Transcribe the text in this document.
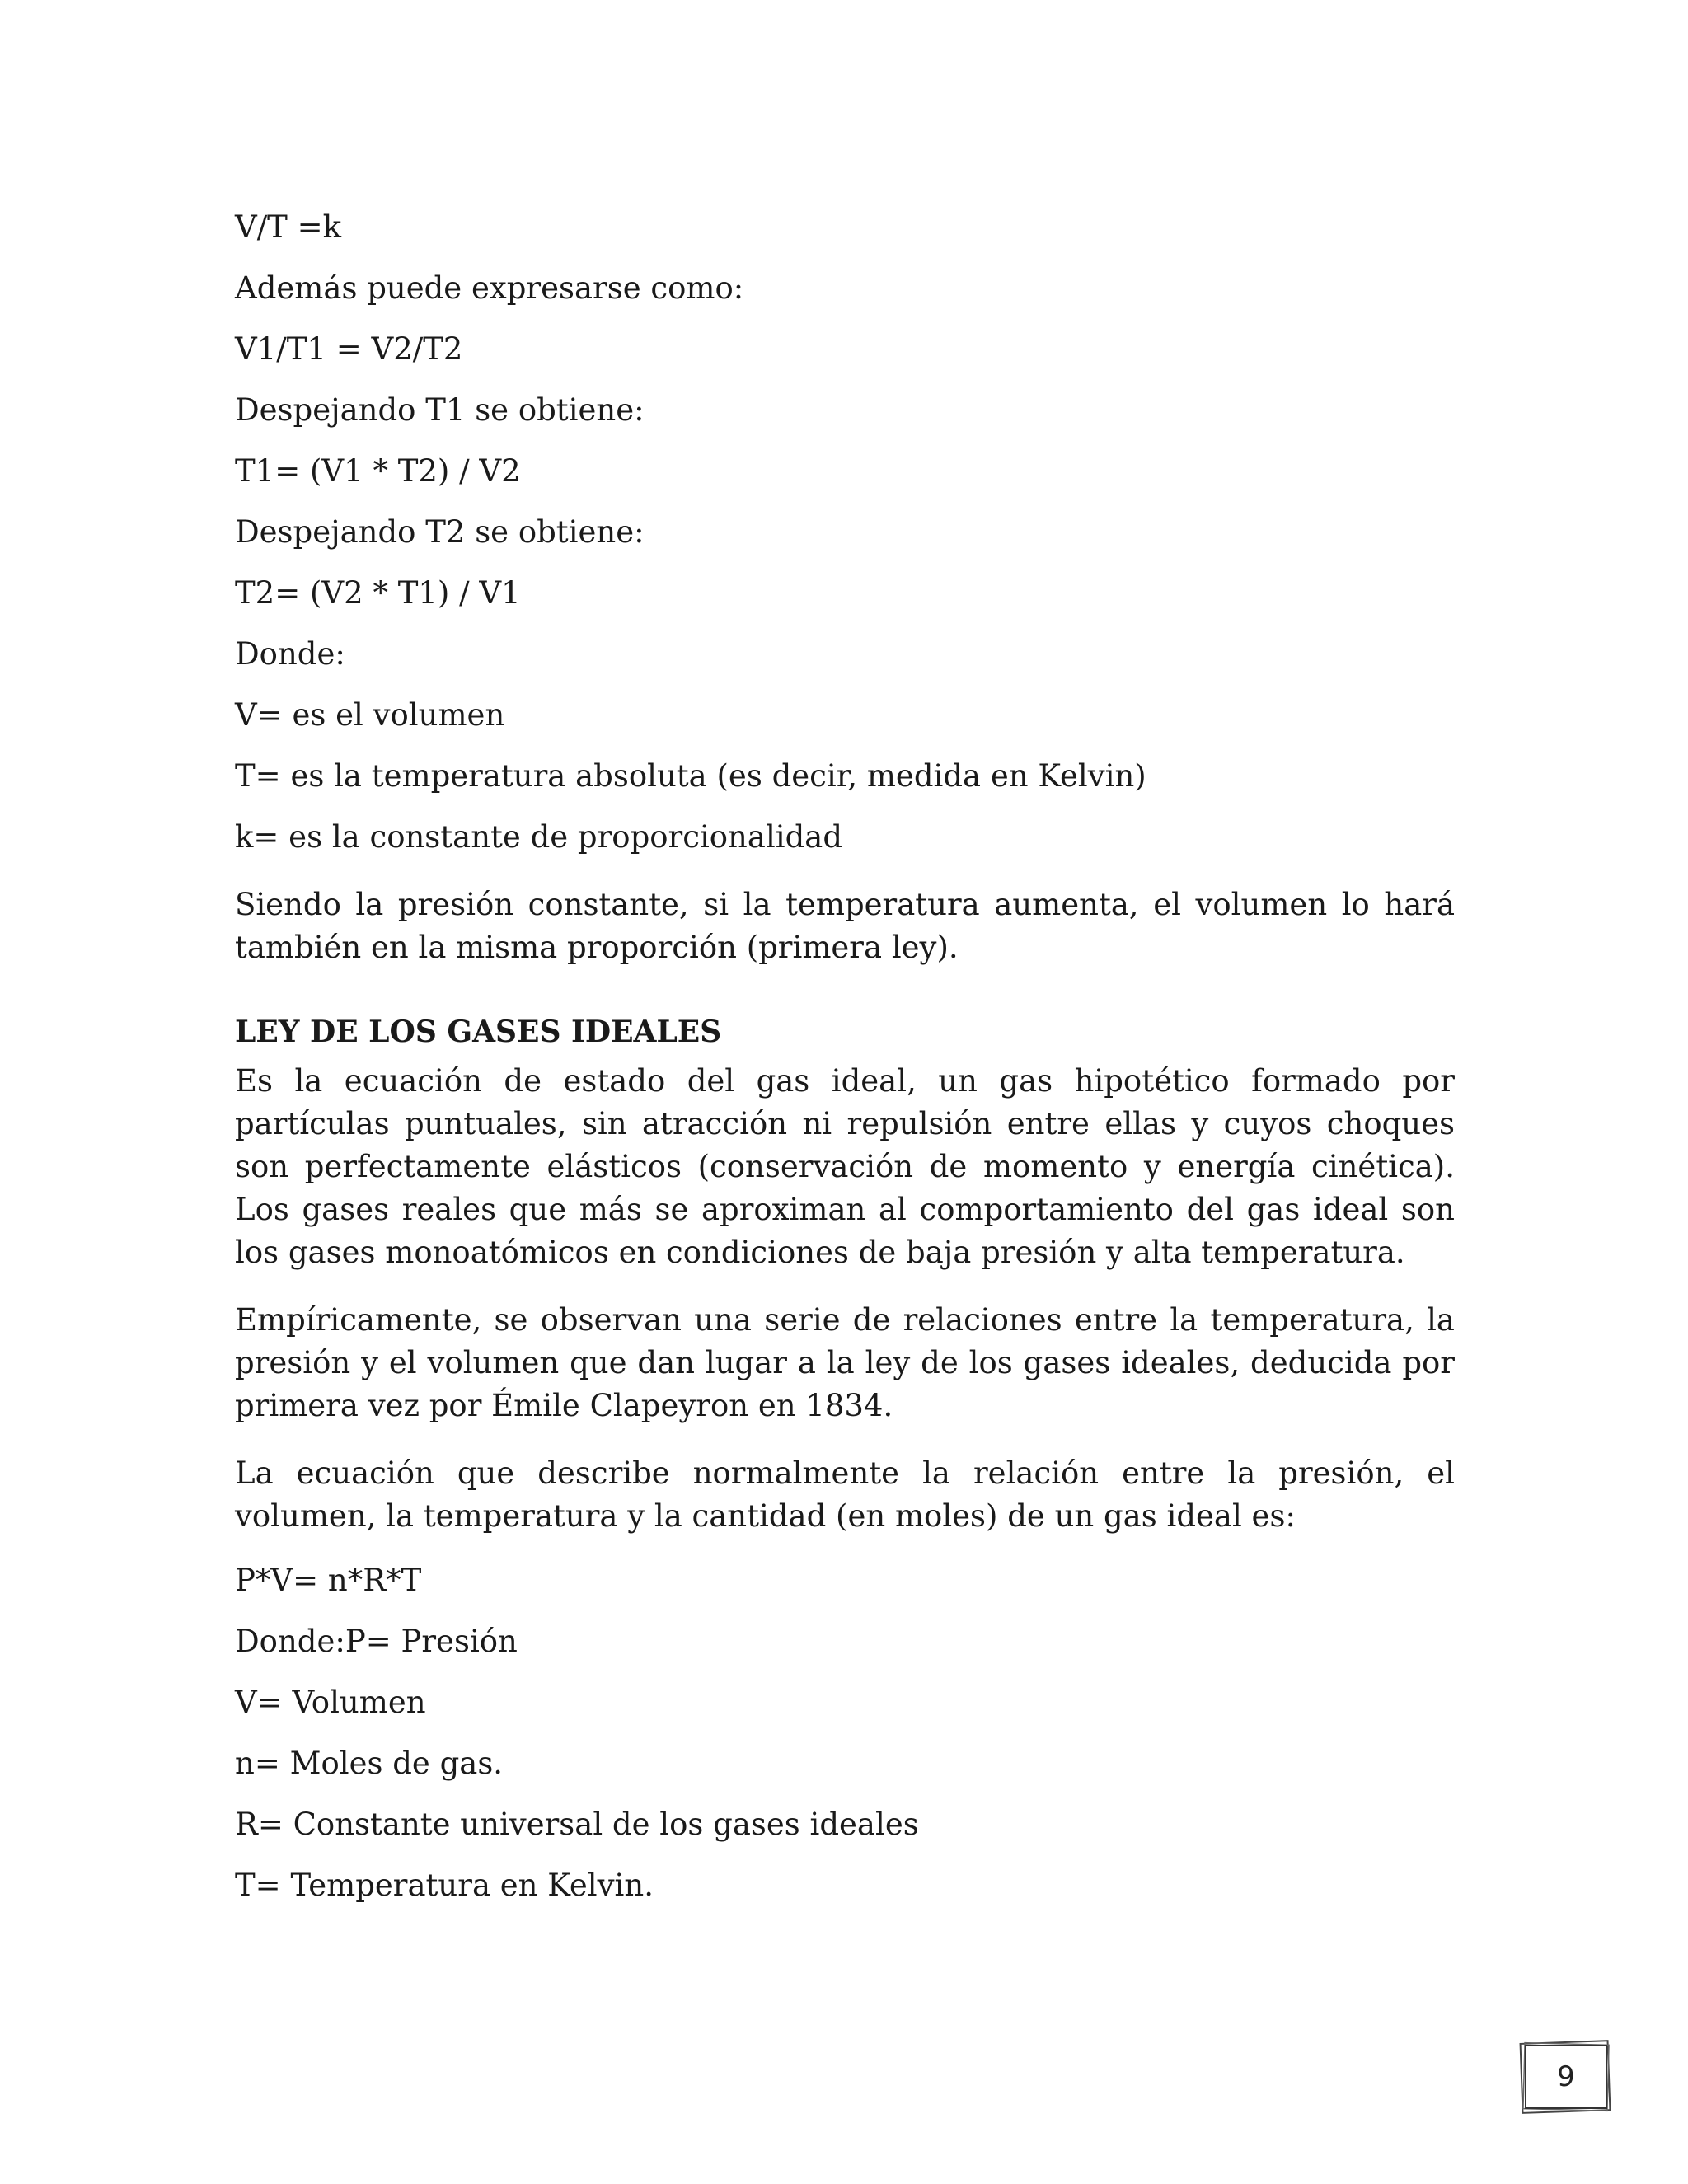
V/T =k

Además puede expresarse como:

V1/T1 = V2/T2

Despejando T1 se obtiene:

T1= (V1 * T2) / V2

Despejando T2 se obtiene:

T2= (V2 * T1) / V1

Donde:

V= es el volumen

T= es la temperatura absoluta (es decir, medida en Kelvin)

k= es la constante de proporcionalidad

Siendo la presión constante, si la temperatura aumenta, el volumen lo hará también en la misma proporción (primera ley).

LEY DE LOS GASES IDEALES

Es la ecuación de estado del gas ideal, un gas hipotético formado por partículas puntuales, sin atracción ni repulsión entre ellas y cuyos choques son perfectamente elásticos (conservación de momento y energía cinética). Los gases reales que más se aproximan al comportamiento del gas ideal son los gases monoatómicos en condiciones de baja presión y alta temperatura.

Empíricamente, se observan una serie de relaciones entre la temperatura, la presión y el volumen que dan lugar a la ley de los gases ideales, deducida por primera vez por Émile Clapeyron en 1834.

La ecuación que describe normalmente la relación entre la presión, el volumen, la temperatura y la cantidad (en moles) de un gas ideal es:

P*V= n*R*T

Donde:P= Presión

V= Volumen

n= Moles de gas.

R= Constante universal de los gases ideales

T= Temperatura en Kelvin.

9
